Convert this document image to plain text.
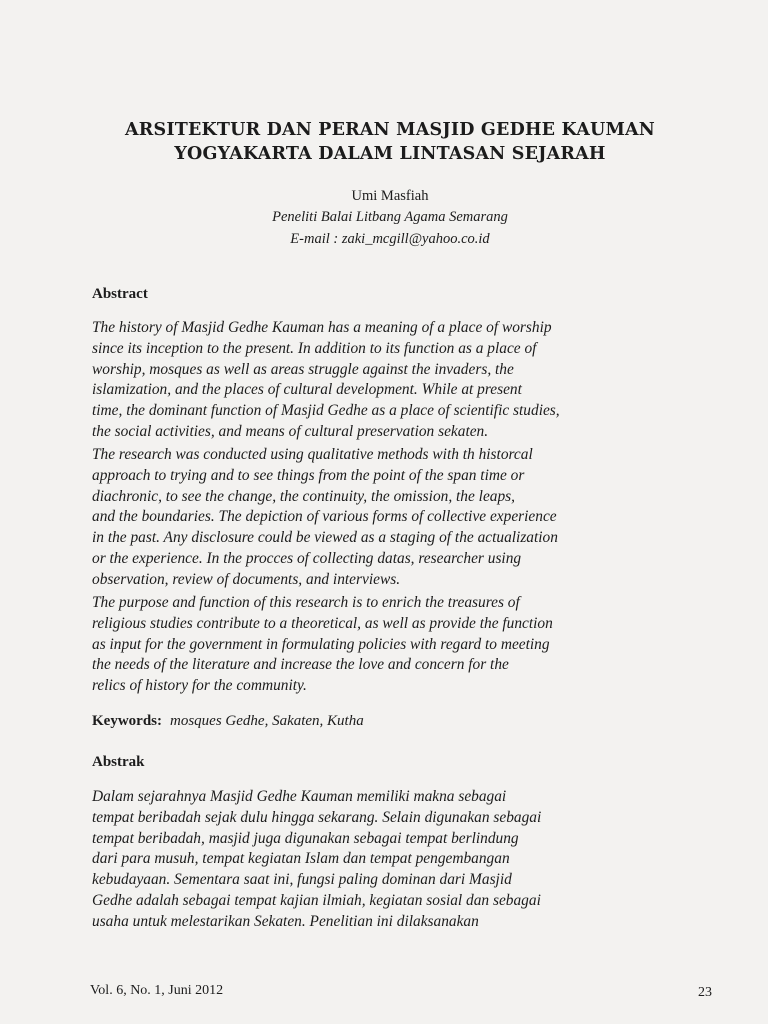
ARSITEKTUR DAN PERAN MASJID GEDHE KAUMAN
YOGYAKARTA DALAM LINTASAN SEJARAH
Umi Masfiah
Peneliti Balai Litbang Agama Semarang
E-mail : zaki_mcgill@yahoo.co.id
Abstract
The history of Masjid Gedhe Kauman has a meaning of a place of worship
since its inception to the present. In addition to its function as a place of
worship, mosques as well as areas struggle against the invaders, the
islamization, and the places of cultural development. While at present
time, the dominant function of Masjid Gedhe as a place of scientific studies,
the social activities, and means of cultural preservation sekaten.
The research was conducted using qualitative methods with th historcal
approach to trying and to see things from the point of the span time or
diachronic, to see the change, the continuity, the omission, the leaps,
and the boundaries. The depiction of various forms of collective experience
in the past. Any disclosure could be viewed as a staging of the actualization
or the experience. In the procces of collecting datas, researcher using
observation, review of documents, and interviews.
The purpose and function of this research is to enrich the treasures of
religious studies contribute to a theoretical, as well as provide the function
as input for the government in formulating policies with regard to meeting
the needs of the literature and increase the love and concern for the
relics of history for the community.
Keywords: mosques Gedhe, Sakaten, Kutha
Abstrak
Dalam sejarahnya Masjid Gedhe Kauman memiliki makna sebagai
tempat beribadah sejak dulu hingga sekarang. Selain digunakan sebagai
tempat beribadah, masjid juga digunakan sebagai tempat berlindung
dari para musuh, tempat kegiatan Islam dan tempat pengembangan
kebudayaan. Sementara saat ini, fungsi paling dominan dari Masjid
Gedhe adalah sebagai tempat kajian ilmiah, kegiatan sosial dan sebagai
usaha untuk melestarikan Sekaten. Penelitian ini dilaksanakan
Vol. 6, No. 1, Juni 2012	23
